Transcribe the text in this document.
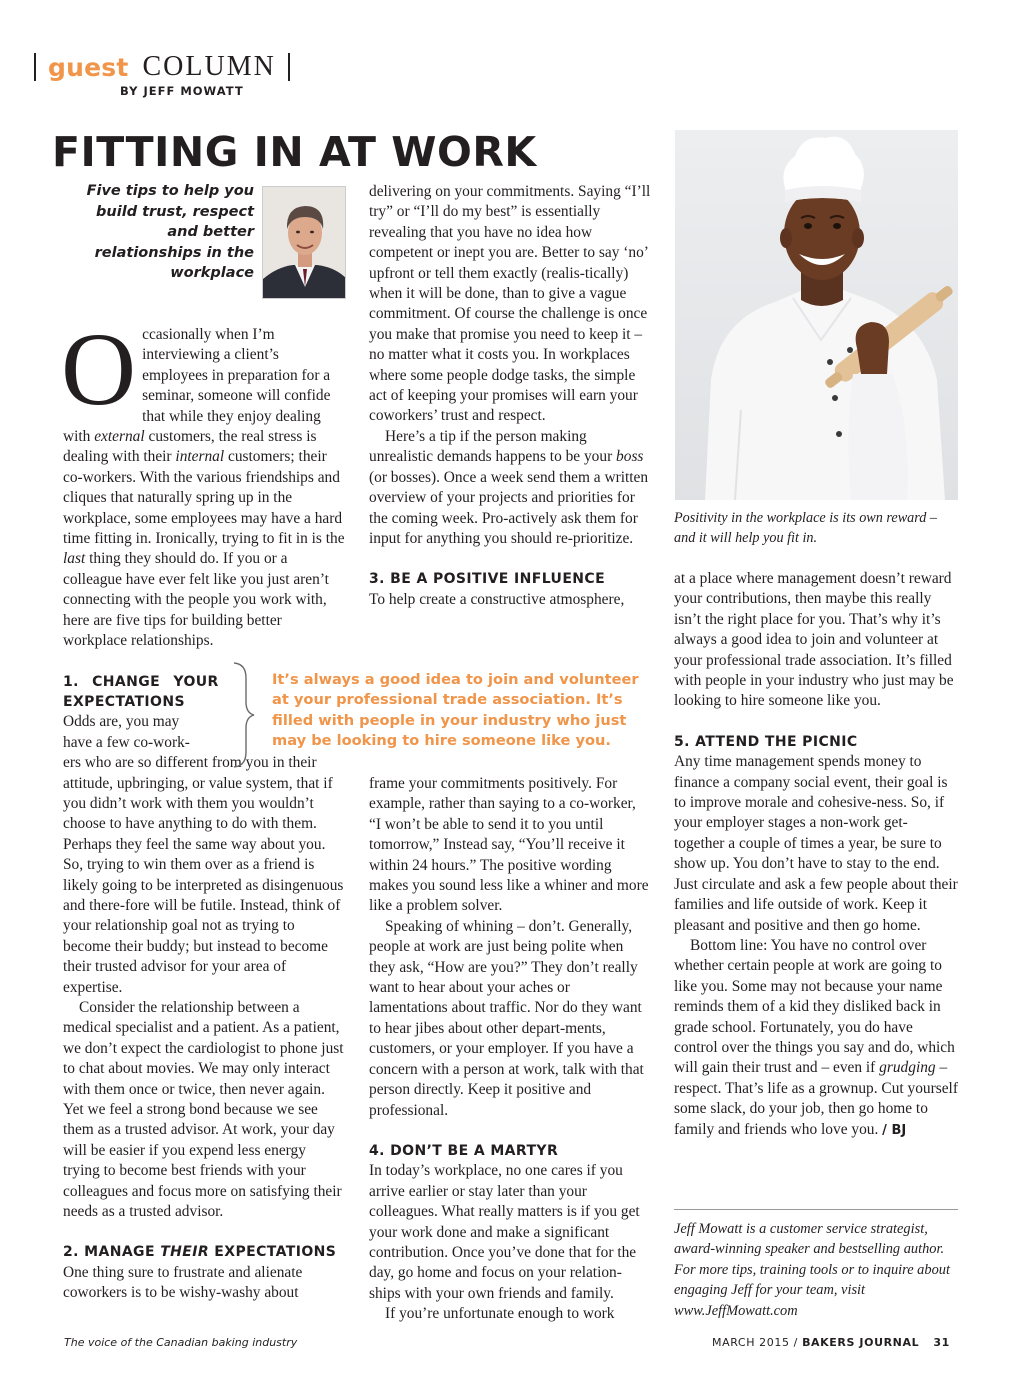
guest COLUMN
BY JEFF MOWATT
FITTING IN AT WORK
Five tips to help you build trust, respect and better relationships in the workplace
O ccasionally when I’m interviewing a client’s employees in preparation for a seminar, someone will confide that while they enjoy dealing with external customers, the real stress is dealing with their internal customers; their co-workers. With the various friendships and cliques that naturally spring up in the workplace, some employees may have a hard time fitting in. Ironically, trying to fit in is the last thing they should do. If you or a colleague have ever felt like you just aren’t connecting with the people you work with, here are five tips for building better workplace relationships.

1. CHANGE YOUR
EXPECTATIONS

Odds are, you may

have a few co-work-

ers who are so different from you in their attitude, upbringing, or value system, that if you didn’t work with them you wouldn’t choose to have anything to do with them. Perhaps they feel the same way about you. So, trying to win them over as a friend is likely going to be interpreted as disingenuous and there-fore will be futile. Instead, think of your relationship goal not as trying to become their buddy; but instead to become their trusted advisor for your area of expertise.

Consider the relationship between a medical specialist and a patient. As a patient, we don’t expect the cardiologist to phone just to chat about movies. We may only interact with them once or twice, then never again. Yet we feel a strong bond because we see them as a trusted advisor. At work, your day will be easier if you expend less energy trying to become best friends with your colleagues and focus more on satisfying their needs as a trusted advisor.

2. MANAGE THEIR EXPECTATIONS

One thing sure to frustrate and alienate coworkers is to be wishy-washy about

delivering on your commitments. Saying “I’ll try” or “I’ll do my best” is essentially revealing that you have no idea how competent or inept you are. Better to say ‘no’ upfront or tell them exactly (realis-tically) when it will be done, than to give a vague commitment. Of course the challenge is once you make that promise you need to keep it – no matter what it costs you. In workplaces where some people dodge tasks, the simple act of keeping your promises will earn your coworkers’ trust and respect.

Here’s a tip if the person making unrealistic demands happens to be your boss (or bosses). Once a week send them a written overview of your projects and priorities for the coming week. Pro-actively ask them for input for anything you should re-prioritize.

3. BE A POSITIVE INFLUENCE

To help create a constructive atmosphere,

It’s always a good idea to join and volunteer at your professional trade association. It’s filled with people in your industry who just may be looking to hire someone like you.

frame your commitments positively. For example, rather than saying to a co-worker, “I won’t be able to send it to you until tomorrow,” Instead say, “You’ll receive it within 24 hours.” The positive wording makes you sound less like a whiner and more like a problem solver.

Speaking of whining – don’t. Generally, people at work are just being polite when they ask, “How are you?” They don’t really want to hear about your aches or lamentations about traffic. Nor do they want to hear jibes about other depart-ments, customers, or your employer. If you have a concern with a person at work, talk with that person directly. Keep it positive and professional.

4. DON’T BE A MARTYR

In today’s workplace, no one cares if you arrive earlier or stay later than your colleagues. What really matters is if you get your work done and make a significant contribution. Once you’ve done that for the day, go home and focus on your relation-ships with your own friends and family.

If you’re unfortunate enough to work

Positivity in the workplace is its own reward – and it will help you fit in.

at a place where management doesn’t reward your contributions, then maybe this really isn’t the right place for you. That’s why it’s always a good idea to join and volunteer at your professional trade association. It’s filled with people in your industry who just may be looking to hire someone like you.

5. ATTEND THE PICNIC

Any time management spends money to finance a company social event, their goal is to improve morale and cohesive-ness. So, if your employer stages a non-work get-together a couple of times a year, be sure to show up. You don’t have to stay to the end. Just circulate and ask a few people about their families and life outside of work. Keep it pleasant and positive and then go home.

Bottom line: You have no control over whether certain people at work are going to like you. Some may not because your name reminds them of a kid they disliked back in grade school. Fortunately, you do have control over the things you say and do, which will gain their trust and – even if grudging – respect. That’s life as a grownup. Cut yourself some slack, do your job, then go home to family and friends who love you. / BJ

Jeff Mowatt is a customer service strategist, award-winning speaker and bestselling author. For more tips, training tools or to inquire about engaging Jeff for your team, visit www.JeffMowatt.com
The voice of the Canadian baking industry	MARCH 2015 / BAKERS JOURNAL 31
